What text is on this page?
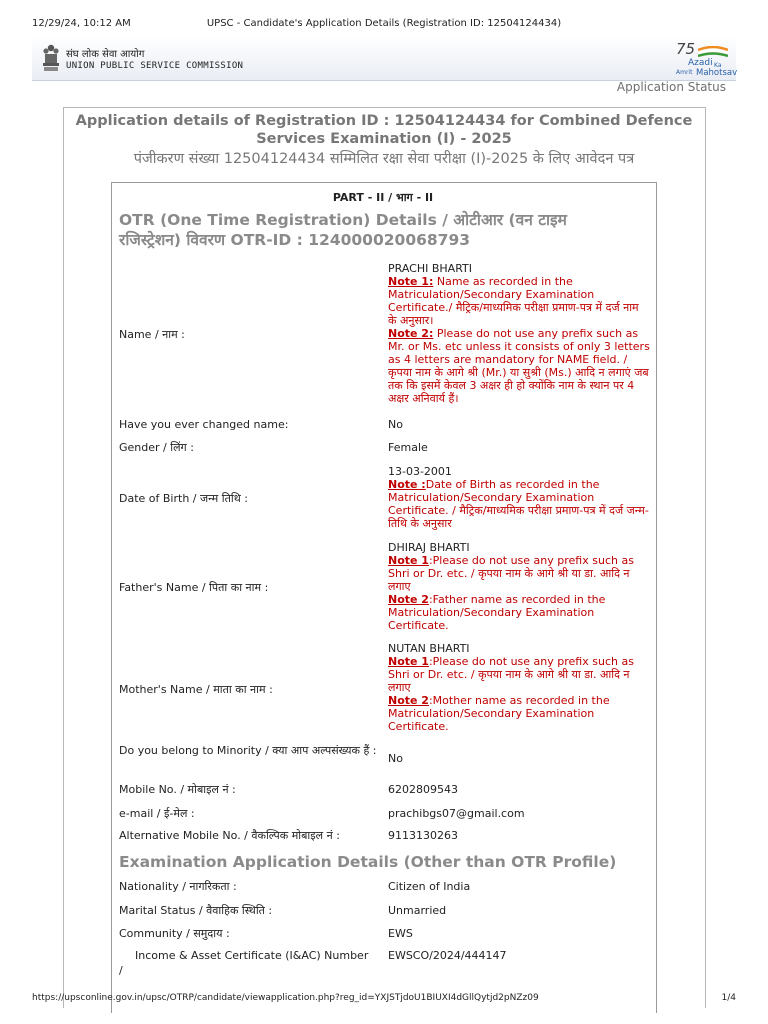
12/29/24, 10:12 AM	UPSC - Candidate's Application Details (Registration ID: 12504124434)
संघ लोक सेवा आयोग
UNION PUBLIC SERVICE COMMISSION
75
Azadi Ka
Amrit Mahotsav
Application Status
Application details of Registration ID : 12504124434 for Combined Defence
Services Examination (I) - 2025
पंजीकरण संख्या 12504124434 सम्मिलित रक्षा सेवा परीक्षा (I)-2025 के लिए आवेदन पत्र
PART - II / भाग - II
OTR (One Time Registration) Details / ओटीआर (वन टाइम
रजिस्ट्रेशन) विवरण OTR-ID : 124000020068793
Name / नाम :
PRACHI BHARTI
Note 1: Name as recorded in the Matriculation/Secondary Examination Certificate./ मैट्रिक/माध्यमिक परीक्षा प्रमाण-पत्र में दर्ज नाम के अनुसार।
Note 2: Please do not use any prefix such as Mr. or Ms. etc unless it consists of only 3 letters as 4 letters are mandatory for NAME field. / कृपया नाम के आगे श्री (Mr.) या सुश्री (Ms.) आदि न लगाएं जब तक कि इसमें केवल 3 अक्षर ही हो क्योंकि नाम के स्थान पर 4 अक्षर अनिवार्य हैं।
Have you ever changed name:	No
Gender / लिंग :	Female
Date of Birth / जन्म तिथि :
13-03-2001
Note :Date of Birth as recorded in the Matriculation/Secondary Examination Certificate. / मैट्रिक/माध्यमिक परीक्षा प्रमाण-पत्र में दर्ज जन्म-तिथि के अनुसार
Father's Name / पिता का नाम :
DHIRAJ BHARTI
Note 1:Please do not use any prefix such as Shri or Dr. etc. / कृपया नाम के आगे श्री या डा. आदि न लगाए
Note 2:Father name as recorded in the Matriculation/Secondary Examination Certificate.
Mother's Name / माता का नाम :
NUTAN BHARTI
Note 1:Please do not use any prefix such as Shri or Dr. etc. / कृपया नाम के आगे श्री या डा. आदि न लगाए
Note 2:Mother name as recorded in the Matriculation/Secondary Examination Certificate.
Do you belong to Minority / क्या आप अल्पसंख्यक हैं :
No
Mobile No. / मोबाइल नं :	6202809543
e-mail / ई-मेल :	prachibgs07@gmail.com
Alternative Mobile No. / वैकल्पिक मोबाइल नं :	9113130263
Examination Application Details (Other than OTR Profile)
Nationality / नागरिकता :	Citizen of India
Marital Status / वैवाहिक स्थिति :	Unmarried
Community / समुदाय :	EWS
Income & Asset Certificate (I&AC) Number
/
EWSCO/2024/444147
https://upsconline.gov.in/upsc/OTRP/candidate/viewapplication.php?reg_id=YXJSTjdoU1BIUXI4dGllQytjd2pNZz09	1/4
